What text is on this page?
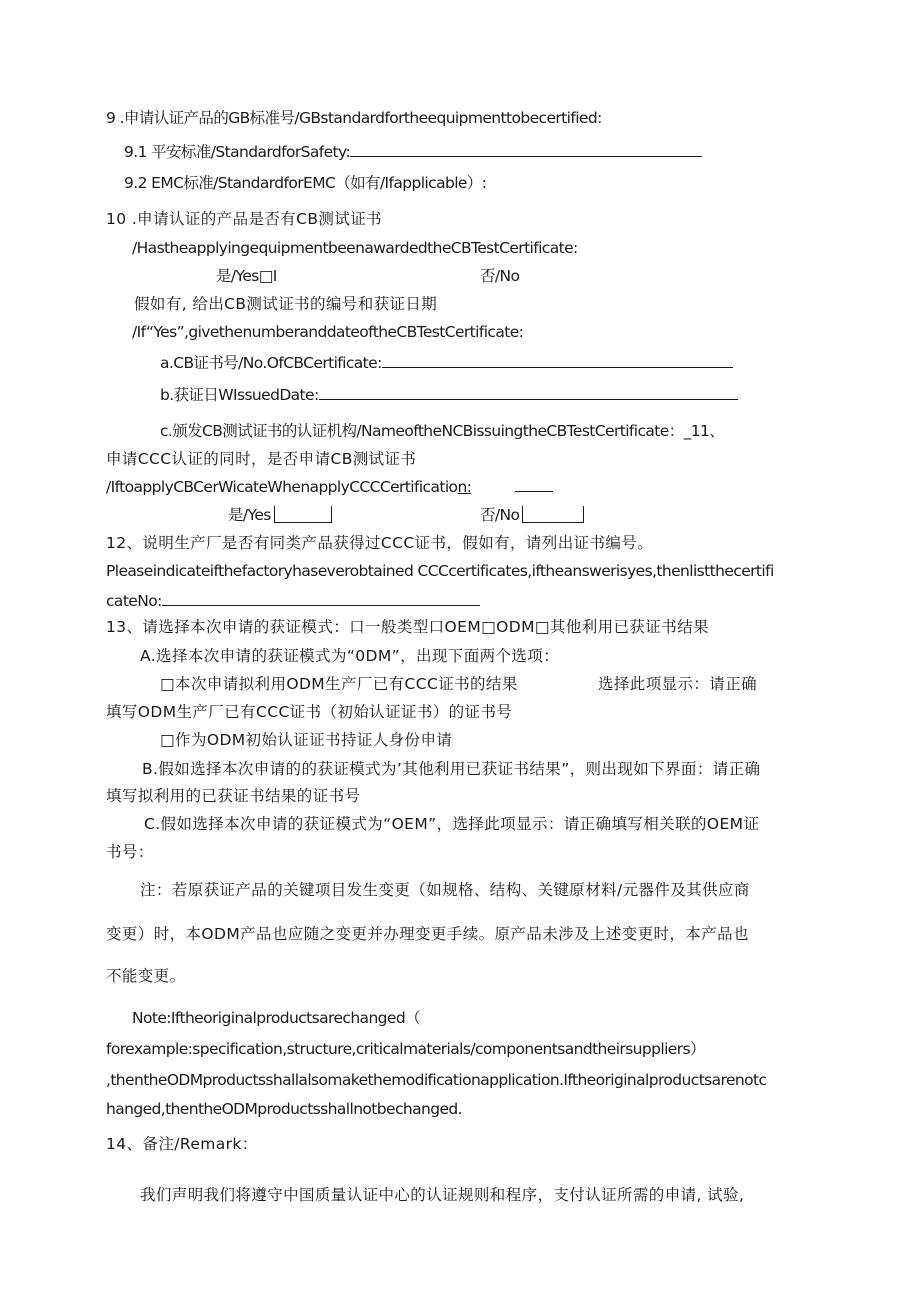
9 .申请认证产品的GB标准号/GBstandardfortheequipmenttobecertified:
9.1 平安标准/StandardforSafety:
9.2 EMC标准/StandardforEMC（如有/Ifapplicable）:
10 .申请认证的产品是否有CB测试证书
/HastheapplyingequipmentbeenawardedtheCBTestCertificate:
是/Yes□I	否/No
假如有, 给出CB测试证书的编号和获证日期
/If“Yes”,givethenumberanddateoftheCBTestCertificate:
a.CB证书号/No.OfCBCertificate:
b.获证日WIssuedDate:
c.颁发CB测试证书的认证机构/NameoftheNCBissuingtheCBTestCertificate：_11、
申请CCC认证的同时，是否申请CB测试证书
/IftoapplyCBCerWicateWhenapplyCCCCertification:
是/Yes	否/No
12、说明生产厂是否有同类产品获得过CCC证书，假如有，请列出证书编号。
Pleaseindicateifthefactoryhaseverobtained CCCcertificates,iftheanswerisyes,thenlistthecertifi
cateNo:
13、请选择本次申请的获证模式：口一般类型口OEM□ODM□其他利用已获证书结果
A.选择本次申请的获证模式为“0DM”，出现下面两个选项：
□本次申请拟利用ODM生产厂已有CCC证书的结果	选择此项显示：请正确
填写ODM生产厂已有CCC证书（初始认证证书）的证书号
□作为ODM初始认证证书持证人身份申请
B.假如选择本次申请的的获证模式为’其他利用已获证书结果”，则出现如下界面：请正确
填写拟利用的已获证书结果的证书号
C.假如选择本次申请的获证模式为“OEM”，选择此项显示：请正确填写相关联的OEM证
书号：
注：若原获证产品的关键项目发生变更（如规格、结构、关键原材料/元器件及其供应商
变更）时，本ODM产品也应随之变更并办理变更手续。原产品未涉及上述变更时，本产品也
不能变更。
Note:Iftheoriginalproductsarechanged（
forexample:specification,structure,criticalmaterials/componentsandtheirsuppliers）
,thentheODMproductsshallalsomakethemodificationapplication.Iftheoriginalproductsarenotc
hanged,thentheODMproductsshallnotbechanged.
14、备注/Remark：
我们声明我们将遵守中国质量认证中心的认证规则和程序，支付认证所需的申请, 试验,
